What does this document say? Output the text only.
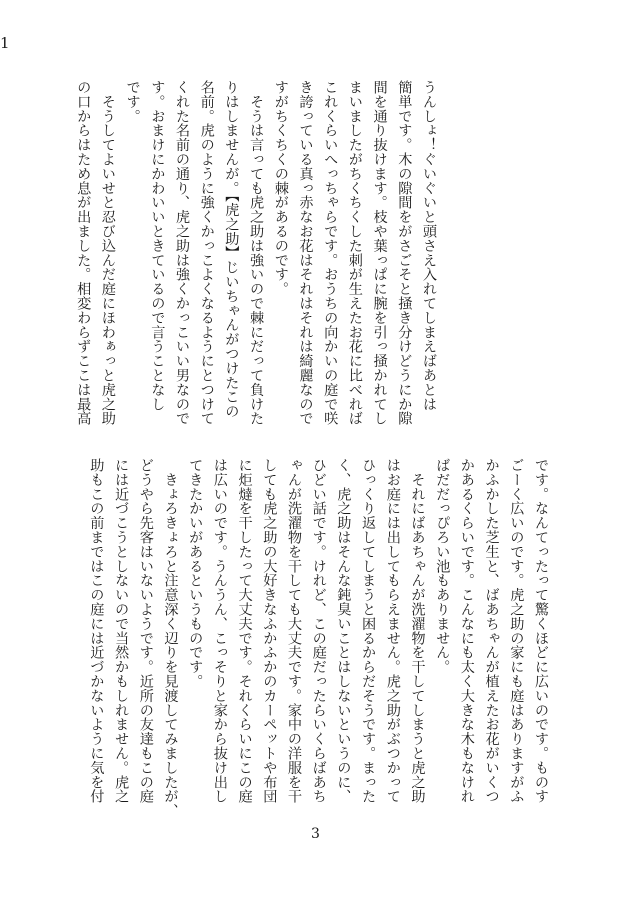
1
うんしょ！ぐいぐいと頭さえ入れてしまえばあとは
簡単です。木の隙間をがさごそと掻き分けどうにか隙
間を通り抜けます。枝や葉っぱに腕を引っ掻かれてし
まいましたがちくちくした刺が生えたお花に比べれば
これくらいへっちゃらです。おうちの向かいの庭で咲
き誇っている真っ赤なお花はそれはそれは綺麗なので
すがちくちくの棘があるのです。
　そうは言っても虎之助は強いので棘にだって負けた
りはしませんが。【虎之助】じいちゃんがつけたこの
名前。虎のように強くかっこよくなるようにとつけて
くれた名前の通り、虎之助は強くかっこいい男なので
す。おまけにかわいいときているので言うことなし
です。
　そうしてよいせと忍び込んだ庭にほわぁっと虎之助
の口からはため息が出ました。相変わらずここは最高
です。なんてったって驚くほどに広いのです。ものす
ごーく広いのです。虎之助の家にも庭はありますがふ
かふかした芝生と、ばあちゃんが植えたお花がいくつ
かあるくらいです。こんなにも太く大きな木もなけれ
ばだだっぴろい池もありません。
　それにばあちゃんが洗濯物を干してしまうと虎之助
はお庭には出してもらえません。虎之助がぶつかって
ひっくり返してしまうと困るからだそうです。まった
く、虎之助はそんな鈍臭いことはしないというのに、
ひどい話です。けれど、この庭だったらいくらばあち
ゃんが洗濯物を干しても大丈夫です。家中の洋服を干
しても虎之助の大好きなふかふかのカーペットや布団
に炬燵を干したって大丈夫です。それくらいにこの庭
は広いのです。うんうん、こっそりと家から抜け出し
てきたかいがあるというものです。
　きょろきょろと注意深く辺りを見渡してみましたが、
どうやら先客はいないようです。近所の友達もこの庭
には近づこうとしないので当然かもしれません。虎之
助もこの前まではこの庭には近づかないように気を付
3
